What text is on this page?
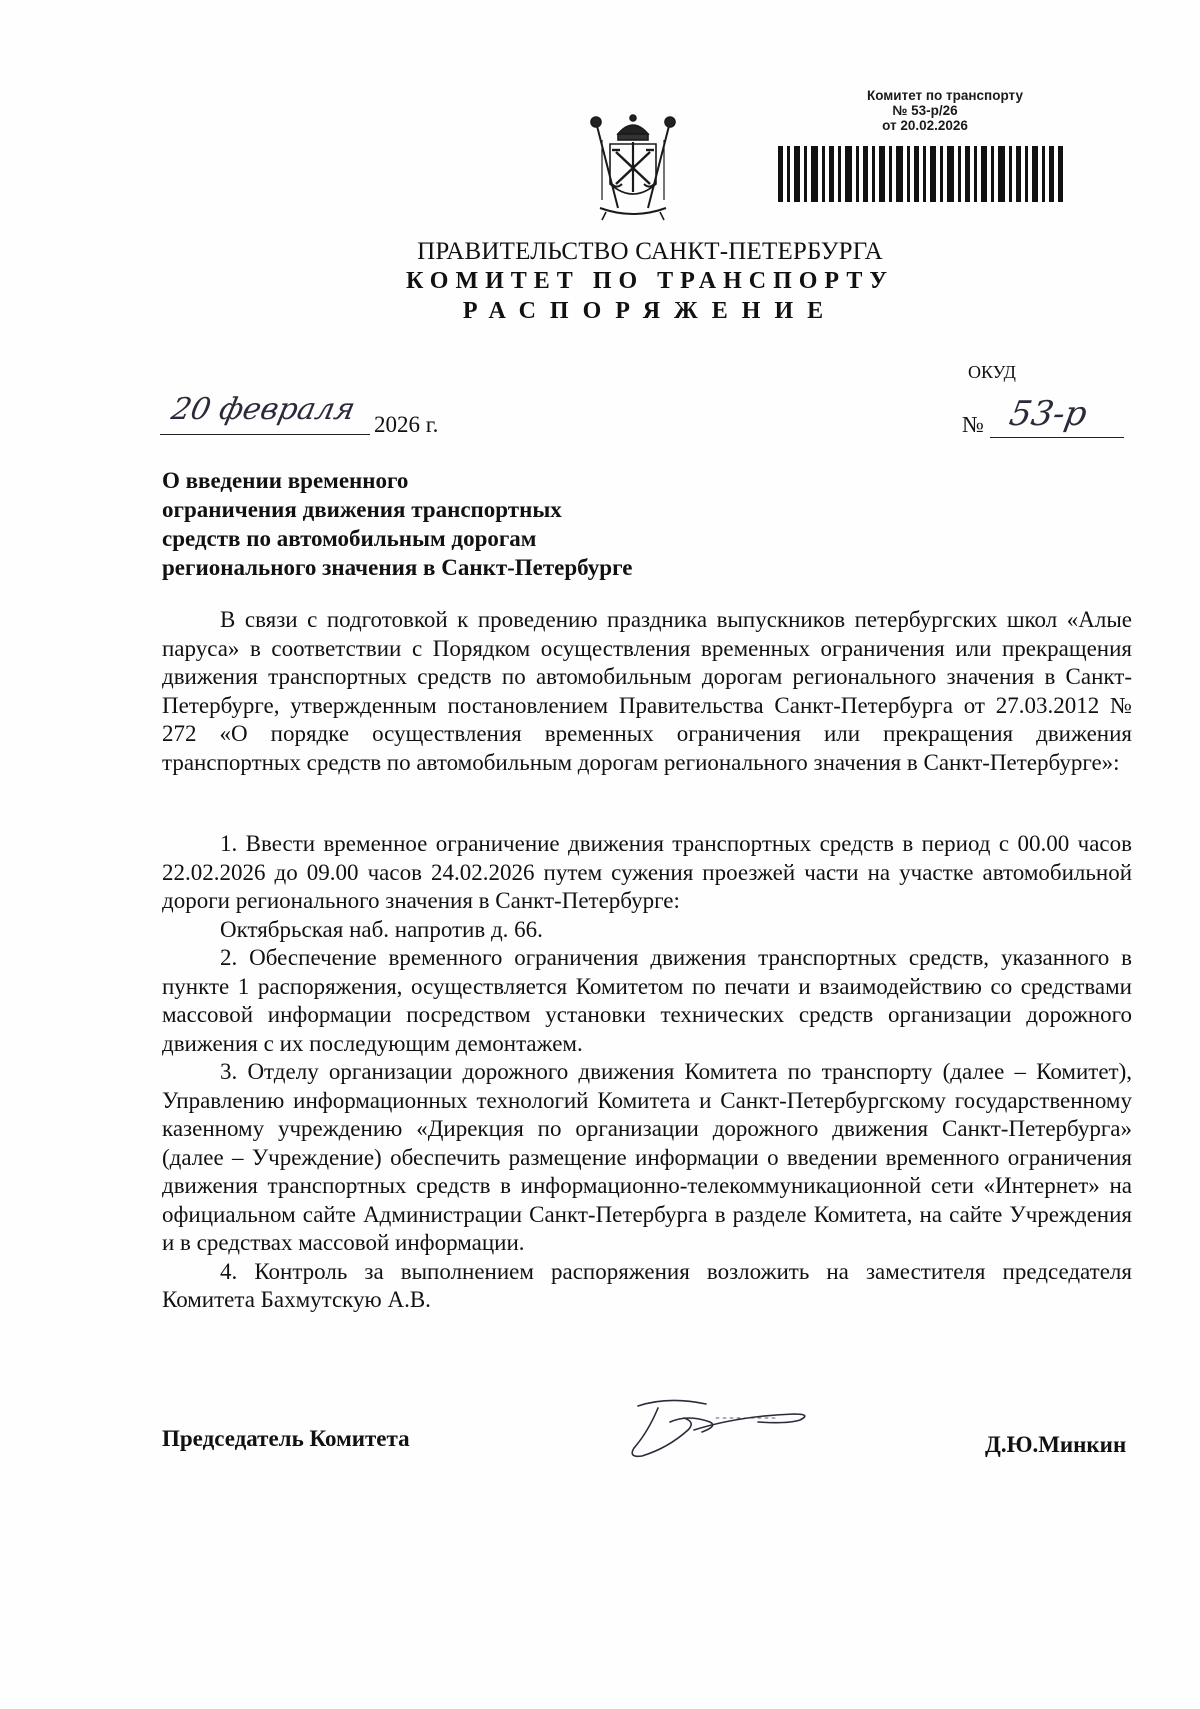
Комитет по транспорту
№ 53-р/26
от 20.02.2026
ПРАВИТЕЛЬСТВО САНКТ-ПЕТЕРБУРГА
КОМИТЕТ ПО ТРАНСПОРТУ
РАСПОРЯЖЕНИЕ
ОКУД
№ 53-р
20 февраля 2026 г.
О введении временного
ограничения движения транспортных
средств по автомобильным дорогам
регионального значения в Санкт-Петербурге

В связи с подготовкой к проведению праздника выпускников петербургских школ «Алые паруса» в соответствии с Порядком осуществления временных ограничения или прекращения движения транспортных средств по автомобильным дорогам регионального значения в Санкт-Петербурге, утвержденным постановлением Правительства Санкт-Петербурга от 27.03.2012 № 272 «О порядке осуществления временных ограничения или прекращения движения транспортных средств по автомобильным дорогам регионального значения в Санкт-Петербурге»:

1. Ввести временное ограничение движения транспортных средств в период с 00.00 часов 22.02.2026 до 09.00 часов 24.02.2026 путем сужения проезжей части на участке автомобильной дороги регионального значения в Санкт-Петербурге:

Октябрьская наб. напротив д. 66.

2. Обеспечение временного ограничения движения транспортных средств, указанного в пункте 1 распоряжения, осуществляется Комитетом по печати и взаимодействию со средствами массовой информации посредством установки технических средств организации дорожного движения с их последующим демонтажем.

3. Отделу организации дорожного движения Комитета по транспорту (далее – Комитет), Управлению информационных технологий Комитета и Санкт-Петербургскому государственному казенному учреждению «Дирекция по организации дорожного движения Санкт-Петербурга» (далее – Учреждение) обеспечить размещение информации о введении временного ограничения движения транспортных средств в информационно-телекоммуникационной сети «Интернет» на официальном сайте Администрации Санкт-Петербурга в разделе Комитета, на сайте Учреждения и в средствах массовой информации.

4. Контроль за выполнением распоряжения возложить на заместителя председателя Комитета Бахмутскую А.В.

Председатель Комитета	Д.Ю.Минкин
